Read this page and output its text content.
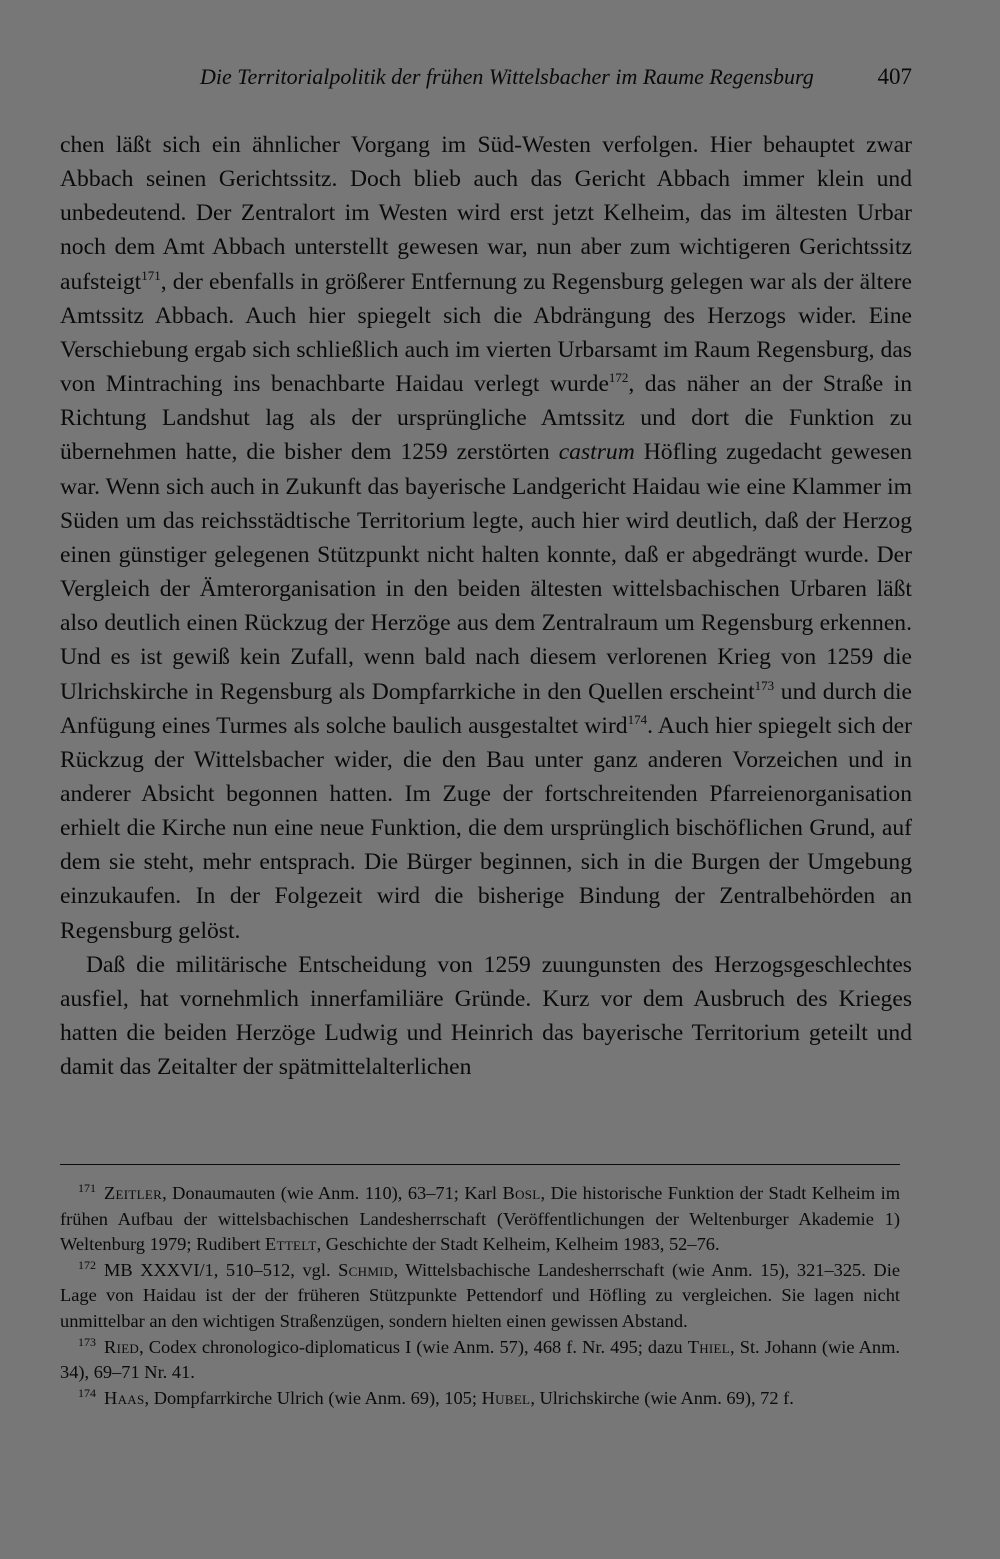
Die Territorialpolitik der frühen Wittelsbacher im Raume Regensburg	407

chen läßt sich ein ähnlicher Vorgang im Süd-Westen verfolgen. Hier behauptet zwar Abbach seinen Gerichtssitz. Doch blieb auch das Gericht Abbach immer klein und unbedeutend. Der Zentralort im Westen wird erst jetzt Kelheim, das im ältesten Urbar noch dem Amt Abbach unterstellt gewesen war, nun aber zum wichtigeren Gerichtssitz aufsteigt$^{171}$, der ebenfalls in größerer Entfernung zu Regensburg gelegen war als der ältere Amtssitz Abbach. Auch hier spiegelt sich die Abdrängung des Herzogs wider. Eine Verschiebung ergab sich schließlich auch im vierten Urbarsamt im Raum Regensburg, das von Mintraching ins benachbarte Haidau verlegt wurde$^{172}$, das näher an der Straße in Richtung Landshut lag als der ursprüngliche Amtssitz und dort die Funktion zu übernehmen hatte, die bisher dem 1259 zerstörten castrum Höfling zugedacht gewesen war. Wenn sich auch in Zukunft das bayerische Landgericht Haidau wie eine Klammer im Süden um das reichsstädtische Territorium legte, auch hier wird deutlich, daß der Herzog einen günstiger gelegenen Stützpunkt nicht halten konnte, daß er abgedrängt wurde. Der Vergleich der Ämterorganisation in den beiden ältesten wittelsbachischen Urbaren läßt also deutlich einen Rückzug der Herzöge aus dem Zentralraum um Regensburg erkennen. Und es ist gewiß kein Zufall, wenn bald nach diesem verlorenen Krieg von 1259 die Ulrichskirche in Regensburg als Dompfarrkiche in den Quellen erscheint$^{173}$ und durch die Anfügung eines Turmes als solche baulich ausgestaltet wird$^{174}$. Auch hier spiegelt sich der Rückzug der Wittelsbacher wider, die den Bau unter ganz anderen Vorzeichen und in anderer Absicht begonnen hatten. Im Zuge der fortschreitenden Pfarreienorganisation erhielt die Kirche nun eine neue Funktion, die dem ursprünglich bischöflichen Grund, auf dem sie steht, mehr entsprach. Die Bürger beginnen, sich in die Burgen der Umgebung einzukaufen. In der Folgezeit wird die bisherige Bindung der Zentralbehörden an Regensburg gelöst.

Daß die militärische Entscheidung von 1259 zuungunsten des Herzogsgeschlechtes ausfiel, hat vornehmlich innerfamiliäre Gründe. Kurz vor dem Ausbruch des Krieges hatten die beiden Herzöge Ludwig und Heinrich das bayerische Territorium geteilt und damit das Zeitalter der spätmittelalterlichen

$^{171}$ Zeitler, Donaumauten (wie Anm. 110), 63–71; Karl Bosl, Die historische Funktion der Stadt Kelheim im frühen Aufbau der wittelsbachischen Landesherrschaft (Veröffentlichungen der Weltenburger Akademie 1) Weltenburg 1979; Rudibert Ettelt, Geschichte der Stadt Kelheim, Kelheim 1983, 52–76.

$^{172}$ MB XXXVI/1, 510–512, vgl. Schmid, Wittelsbachische Landesherrschaft (wie Anm. 15), 321–325. Die Lage von Haidau ist der der früheren Stützpunkte Pettendorf und Höfling zu vergleichen. Sie lagen nicht unmittelbar an den wichtigen Straßenzügen, sondern hielten einen gewissen Abstand.

$^{173}$ Ried, Codex chronologico-diplomaticus I (wie Anm. 57), 468 f. Nr. 495; dazu Thiel, St. Johann (wie Anm. 34), 69–71 Nr. 41.

$^{174}$ Haas, Dompfarrkirche Ulrich (wie Anm. 69), 105; Hubel, Ulrichskirche (wie Anm. 69), 72 f.
